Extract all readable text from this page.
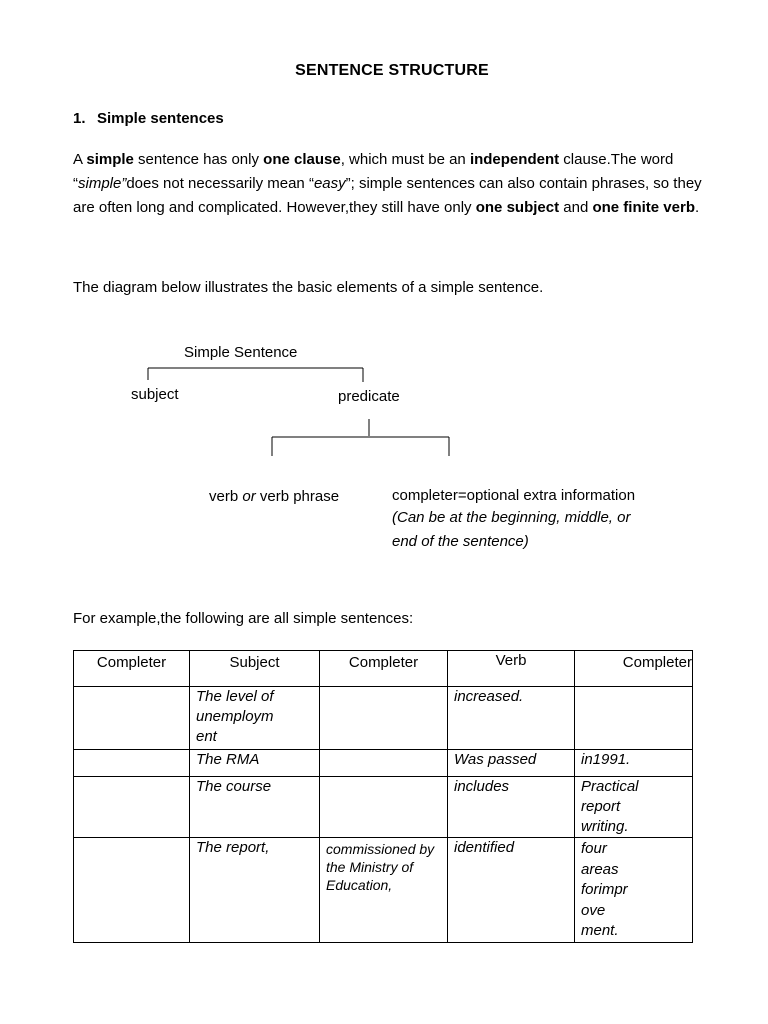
SENTENCE STRUCTURE
1. Simple sentences
A simple sentence has only one clause, which must be an independent clause.The word “simple”does not necessarily mean “easy”; simple sentences can also contain phrases, so they are often long and complicated. However,they still have only one subject and one finite verb.
The diagram below illustrates the basic elements of a simple sentence.
Simple Sentence
subject	predicate
verb or verb phrase	completer=optional extra information
(Can be at the beginning, middle, or
end of the sentence)
For example,the following are all simple sentences:
Completer	Subject	Completer	Verb	Completer

	The level of unemploym ent		increased.	
	The RMA		Was passed	in1991.
	The course		includes	Practical report writing.

	The report,	commissioned by the Ministry of Education,	identified	four areas forimpr ove ment.
